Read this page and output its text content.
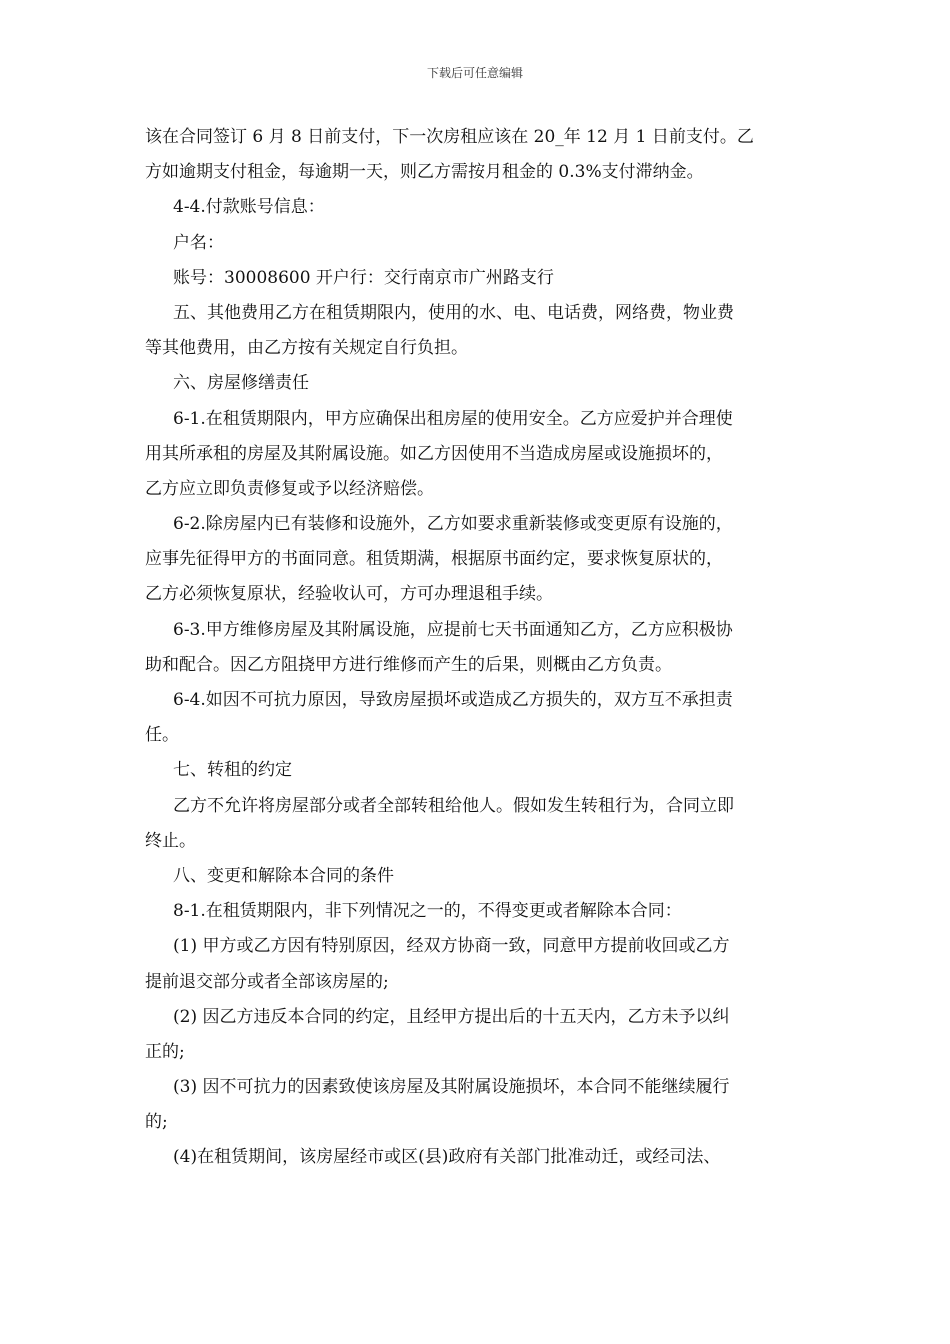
下载后可任意编辑
该在合同签订 6 月 8 日前支付，下一次房租应该在 20_年 12 月 1 日前支付。乙
方如逾期支付租金，每逾期一天，则乙方需按月租金的 0.3%支付滞纳金。
4-4.付款账号信息：
户名：
账号：30008600 开户行：交行南京市广州路支行
五、其他费用乙方在租赁期限内，使用的水、电、电话费，网络费，物业费
等其他费用，由乙方按有关规定自行负担。
六、房屋修缮责任
6-1.在租赁期限内，甲方应确保出租房屋的使用安全。乙方应爱护并合理使
用其所承租的房屋及其附属设施。如乙方因使用不当造成房屋或设施损坏的，
乙方应立即负责修复或予以经济赔偿。
6-2.除房屋内已有装修和设施外，乙方如要求重新装修或变更原有设施的，
应事先征得甲方的书面同意。租赁期满，根据原书面约定，要求恢复原状的，
乙方必须恢复原状，经验收认可，方可办理退租手续。
6-3.甲方维修房屋及其附属设施，应提前七天书面通知乙方，乙方应积极协
助和配合。因乙方阻挠甲方进行维修而产生的后果，则概由乙方负责。
6-4.如因不可抗力原因，导致房屋损坏或造成乙方损失的，双方互不承担责
任。
七、转租的约定
乙方不允许将房屋部分或者全部转租给他人。假如发生转租行为，合同立即
终止。
八、变更和解除本合同的条件
8-1.在租赁期限内，非下列情况之一的，不得变更或者解除本合同：
(1) 甲方或乙方因有特别原因，经双方协商一致，同意甲方提前收回或乙方
提前退交部分或者全部该房屋的;
(2) 因乙方违反本合同的约定，且经甲方提出后的十五天内，乙方未予以纠
正的;
(3) 因不可抗力的因素致使该房屋及其附属设施损坏，本合同不能继续履行
的;
(4)在租赁期间，该房屋经市或区(县)政府有关部门批准动迁，或经司法、
